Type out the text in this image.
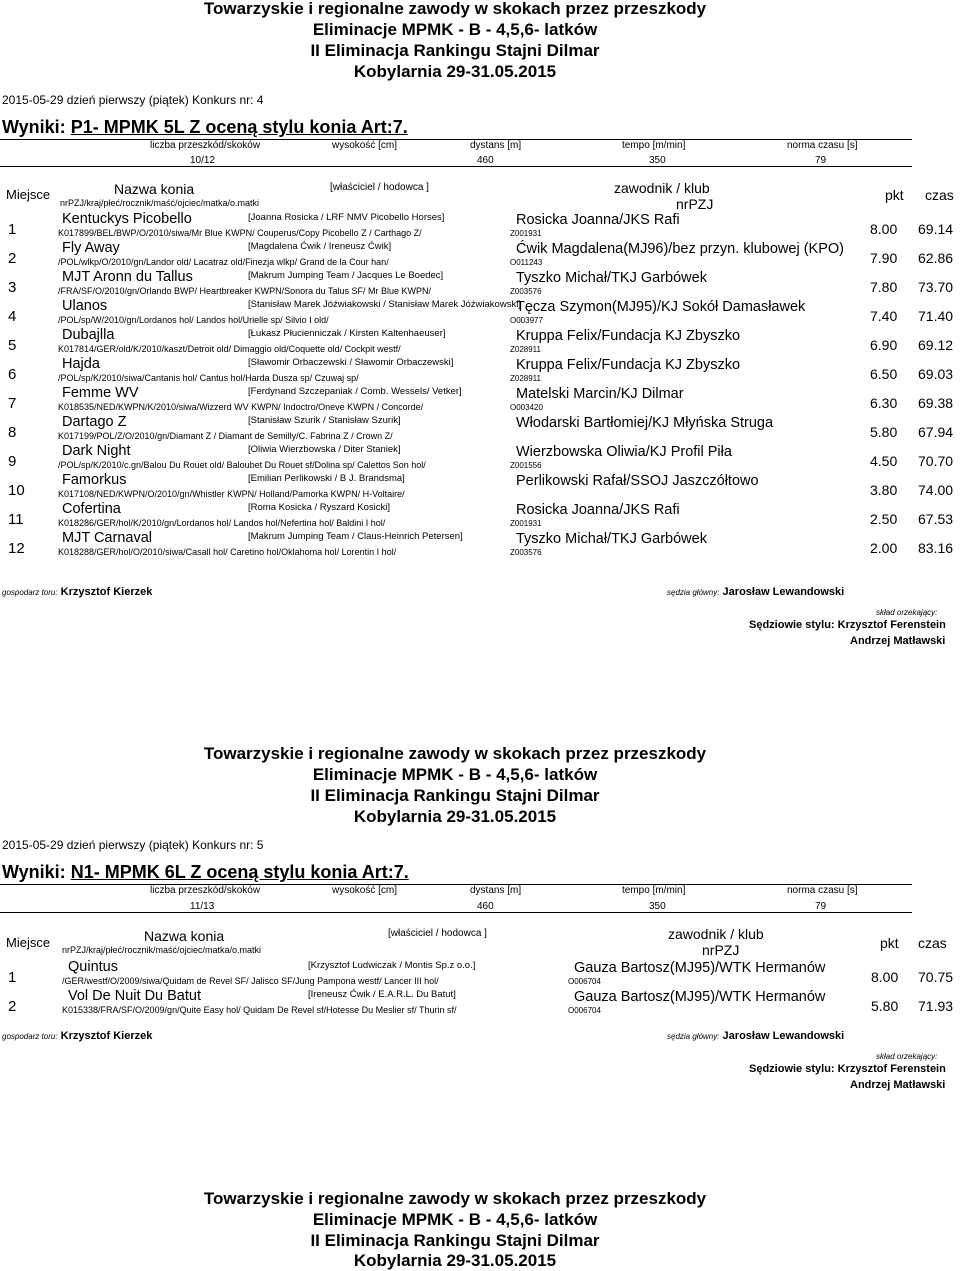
Towarzyskie i regionalne zawody w skokach przez przeszkody
Eliminacje MPMK - B - 4,5,6- latków
II Eliminacja Rankingu Stajni Dilmar
Kobylarnia 29-31.05.2015
2015-05-29 dzień pierwszy (piątek) Konkurs nr: 4
Wyniki: P1- MPMK 5L Z oceną stylu konia Art:7.
liczba przeszkód/skoków	wysokość [cm]	dystans [m]	tempo [m/min]	norma czasu [s]
10/12	460	350	79
Miejsce	Nazwa konia	[właściciel / hodowca ]	zawodnik / klub
nrPZJ
pkt czas
nrPZJ/kraj/płeć/rocznik/maść/ojciec/matka/o.matki
1
Kentuckys Picobello	[Joanna Rosicka / LRF NMV Picobello Horses]
K017899/BEL/BWP/O/2010/siwa/Mr Blue KWPN/ Couperus/Copy Picobello Z / Carthago Z/
Rosicka Joanna/JKS Rafi
Z001931	8.00 69.14
2
Fly Away	[Magdalena Ćwik / Ireneusz Ćwik]
/POL/wlkp/O/2010/gn/Landor old/ Lacatraz old/Finezja wlkp/ Grand de la Cour han/
Ćwik Magdalena(MJ96)/bez przyn. klubowej (KPO)
O011243	7.90 62.86
3
MJT Aronn du Tallus	[Makrum Jumping Team / Jacques Le Boedec]
/FRA/SF/O/2010/gn/Orlando BWP/ Heartbreaker KWPN/Sonora du Talus SF/ Mr Blue KWPN/
Tyszko Michał/TKJ Garbówek
Z003576	7.80 73.70
4
Ulanos	[Stanisław Marek Jóźwiakowski / Stanisław Marek Jóźwiakowski]
/POL/sp/W/2010/gn/Lordanos hol/ Landos hol/Urielle sp/ Silvio I old/
Tęcza Szymon(MJ95)/KJ Sokół Damasławek
O003977	7.40 71.40
5
Dubajlla	[Łukasz Płucienniczak / Kirsten Kaltenhaeuser]
K017814/GER/old/K/2010/kaszt/Detroit old/ Dimaggio old/Coquette old/ Cockpit westf/
Kruppa Felix/Fundacja KJ Zbyszko
Z028911	6.90 69.12
6
Hajda	[Sławomir Orbaczewski / Sławomir Orbaczewski]
/POL/sp/K/2010/siwa/Cantanis hol/ Cantus hol/Harda Dusza sp/ Czuwaj sp/
Kruppa Felix/Fundacja KJ Zbyszko
Z028911	6.50 69.03
7
Femme WV	[Ferdynand Szczepaniak / Comb. Wessels/ Vetker]
K018535/NED/KWPN/K/2010/siwa/Wizzerd WV KWPN/ Indoctro/Oneve KWPN / Concorde/
Matelski Marcin/KJ Dilmar
O003420	6.30 69.38
8
Dartago Z	[Stanisław Szurik / Stanisław Szurik]
K017199/POL/Z/O/2010/gn/Diamant Z / Diamant de Semilly/C. Fabrina Z / Crown Z/
Włodarski Bartłomiej/KJ Młyńska Struga
5.80 67.94
9
Dark Night	[Oliwia Wierzbowska / Diter Staniek]
/POL/sp/K/2010/c.gn/Balou Du Rouet old/ Baloubet Du Rouet sf/Dolina sp/ Calettos Son hol/
Wierzbowska Oliwia/KJ Profil Piła
Z001556	4.50 70.70
10
Famorkus	[Emilian Perlikowski / B J. Brandsma]
K017108/NED/KWPN/O/2010/gn/Whistler KWPN/ Holland/Pamorka KWPN/ H-Voltaire/
Perlikowski Rafał/SSOJ Jaszczółtowo
3.80 74.00
11
Cofertina	[Roma Kosicka / Ryszard Kosicki]
K018286/GER/hol/K/2010/gn/Lordanos hol/ Landos hol/Nefertina hol/ Baldini I hol/
Rosicka Joanna/JKS Rafi
Z001931	2.50 67.53
12
MJT Carnaval	[Makrum Jumping Team / Claus-Heinrich Petersen]
K018288/GER/hol/O/2010/siwa/Casall hol/ Caretino hol/Oklahoma hol/ Lorentin I hol/
Tyszko Michał/TKJ Garbówek
Z003576	2.00 83.16
gospodarz toru: Krzysztof Kierzek	sędzia główny: Jarosław Lewandowski
skład orzekający:
Sędziowie stylu: Krzysztof Ferenstein
Andrzej Matławski
Towarzyskie i regionalne zawody w skokach przez przeszkody
Eliminacje MPMK - B - 4,5,6- latków
II Eliminacja Rankingu Stajni Dilmar
Kobylarnia 29-31.05.2015
2015-05-29 dzień pierwszy (piątek) Konkurs nr: 5
Wyniki: N1- MPMK 6L Z oceną stylu konia Art:7.
liczba przeszkód/skoków	wysokość [cm]	dystans [m]	tempo [m/min]	norma czasu [s]
11/13	460	350	79
Miejsce	Nazwa konia	[właściciel / hodowca ]	zawodnik / klub
nrPZJ	pkt czas
nrPZJ/kraj/płeć/rocznik/maść/ojciec/matka/o.matki
1
Quintus	[Krzysztof Ludwiczak / Montis Sp.z o.o.]
/GER/westf/O/2009/siwa/Quidam de Revel SF/ Jalisco SF/Jung Pampona westf/ Lancer III hol/
Gauza Bartosz(MJ95)/WTK Hermanów
O006704	8.00 70.75
2
Vol De Nuit Du Batut	[Ireneusz Ćwik / E.A.R.L. Du Batut]
K015338/FRA/SF/O/2009/gn/Quite Easy hol/ Quidam De Revel sf/Hotesse Du Meslier sf/ Thurin sf/
Gauza Bartosz(MJ95)/WTK Hermanów
O006704	5.80 71.93
gospodarz toru: Krzysztof Kierzek	sędzia główny: Jarosław Lewandowski
skład orzekający:
Sędziowie stylu: Krzysztof Ferenstein
Andrzej Matławski
Towarzyskie i regionalne zawody w skokach przez przeszkody
Eliminacje MPMK - B - 4,5,6- latków
II Eliminacja Rankingu Stajni Dilmar
Kobylarnia 29-31.05.2015
